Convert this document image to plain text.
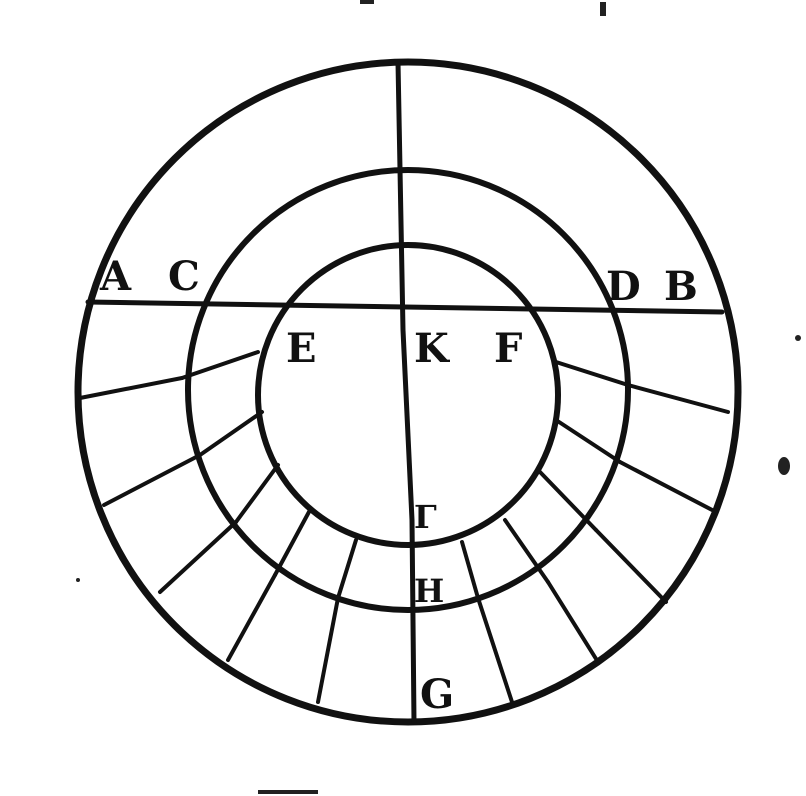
A C	D B
E K F
Γ
H
G
